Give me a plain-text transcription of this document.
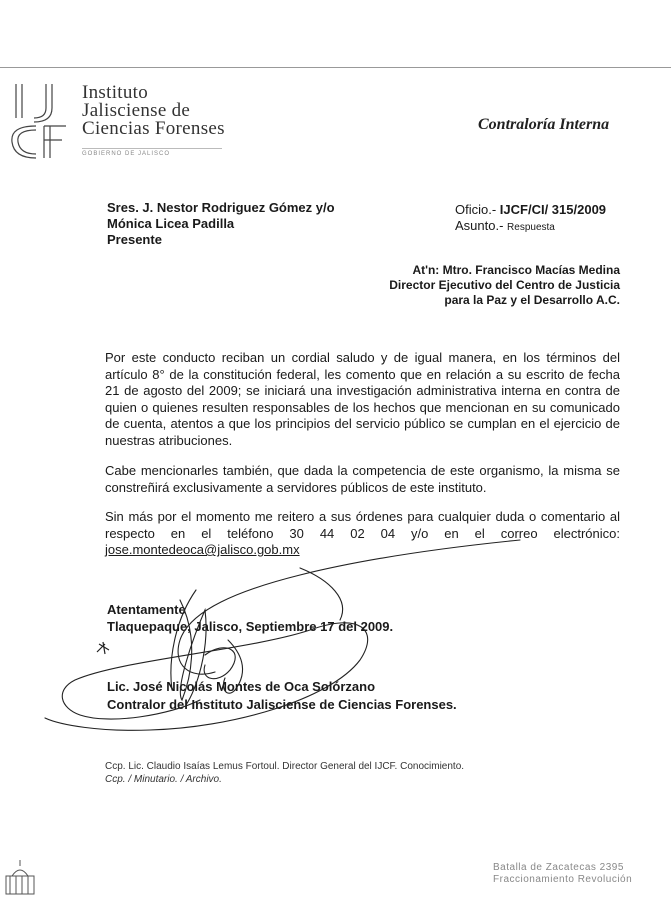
Instituto
Jalisciense de
Ciencias Forenses
GOBIERNO DE JALISCO
Contraloría Interna
Sres. J. Nestor Rodriguez Gómez y/o
Mónica Licea Padilla
Presente
Oficio.- IJCF/CI/ 315/2009
Asunto.- Respuesta
At'n: Mtro. Francisco Macías Medina
Director Ejecutivo del Centro de Justicia
para la Paz y el Desarrollo A.C.
Por este conducto reciban un cordial saludo y de igual manera, en los términos del artículo 8° de la constitución federal, les comento que en relación a su escrito de fecha 21 de agosto del 2009; se iniciará una investigación administrativa interna en contra de quien o quienes resulten responsables de los hechos que mencionan en su comunicado de cuenta, atentos a que los principios del servicio público se cumplan en el ejercicio de nuestras atribuciones.
Cabe mencionarles también, que dada la competencia de este organismo, la misma se constreñirá exclusivamente a servidores públicos de este instituto.
Sin más por el momento me reitero a sus órdenes para cualquier duda o comentario al respecto en el teléfono 30 44 02 04 y/o en el correo electrónico: jose.montedeoca@jalisco.gob.mx
Atentamente
Tlaquepaque, Jalisco, Septiembre 17 del 2009.
Lic. José Nicolás Montes de Oca Solórzano
Contralor del Instituto Jalisciense de Ciencias Forenses.
Ccp. Lic. Claudio Isaías Lemus Fortoul. Director General del IJCF. Conocimiento.
Ccp. / Minutario. / Archivo.
Batalla de Zacatecas 2395
Fraccionamiento Revolución
